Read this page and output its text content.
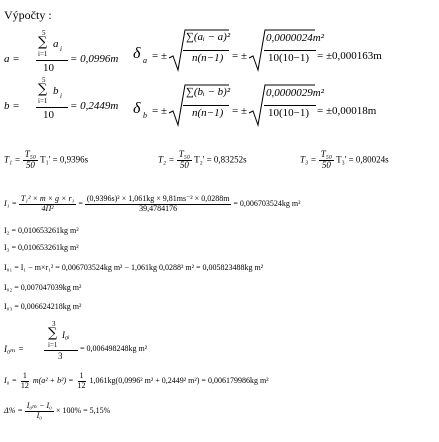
Výpočty :
a =
5
∑ a i
i=1
10
= 0,0996m δ a = ±
∑(aᵢ − a)²
n(n−1) = ±
0,0000024m²
10(10−1) = ±0,000163m
b =
5
∑ b i
i=1
10
= 0,2449m δ b = ±
∑(bᵢ − b)²
n(n−1) = ±
0,0000029m²
10(10−1) = ±0,00018m
$T_1 = \frac{\text{T₅₀}}{50} T_1' = 0,9396s$	$T_2 = \frac{\text{T₅₀}}{50} T_2' = 0,83252s$	$T_3 = \frac{\text{T₅₀}}{50} T_3' = 0,80024s$
$I_1 = \frac{\text{T₁² × m × g × r₁}}{\text{4Π²}} = \frac{\text{(0,9396s)² × 1,061kg × 9,81ms⁻² × 0,0288m}}{39,4784176} = 0,006703524kg$ m²
I₂ = 0,010653261kg m²
I₃ = 0,010653261kg m²
I₀₁ = I₁ − m×r₁² = 0,006703524kg m² − 1,061kg 0,0288² m² = 0,005823488kg m²
I₀₂ = 0,007047039kg m²
I₀₃ = 0,006624218kg m²
I₀ₘ =
3
∑ I₀ᵢ
i=1
3
= 0,006498248kg m²
$I_0 = \frac{1}{12} m(a^2 + b^2) = \frac{1}{12} 1,061kg(0,0996^2$ m² + 0,2449² m²) = 0,006179986kg m²
$\Delta\% = \frac{\text{I₀ₘ − I₀}}{\text{I₀}} \times 100\% = 5,15\%$
